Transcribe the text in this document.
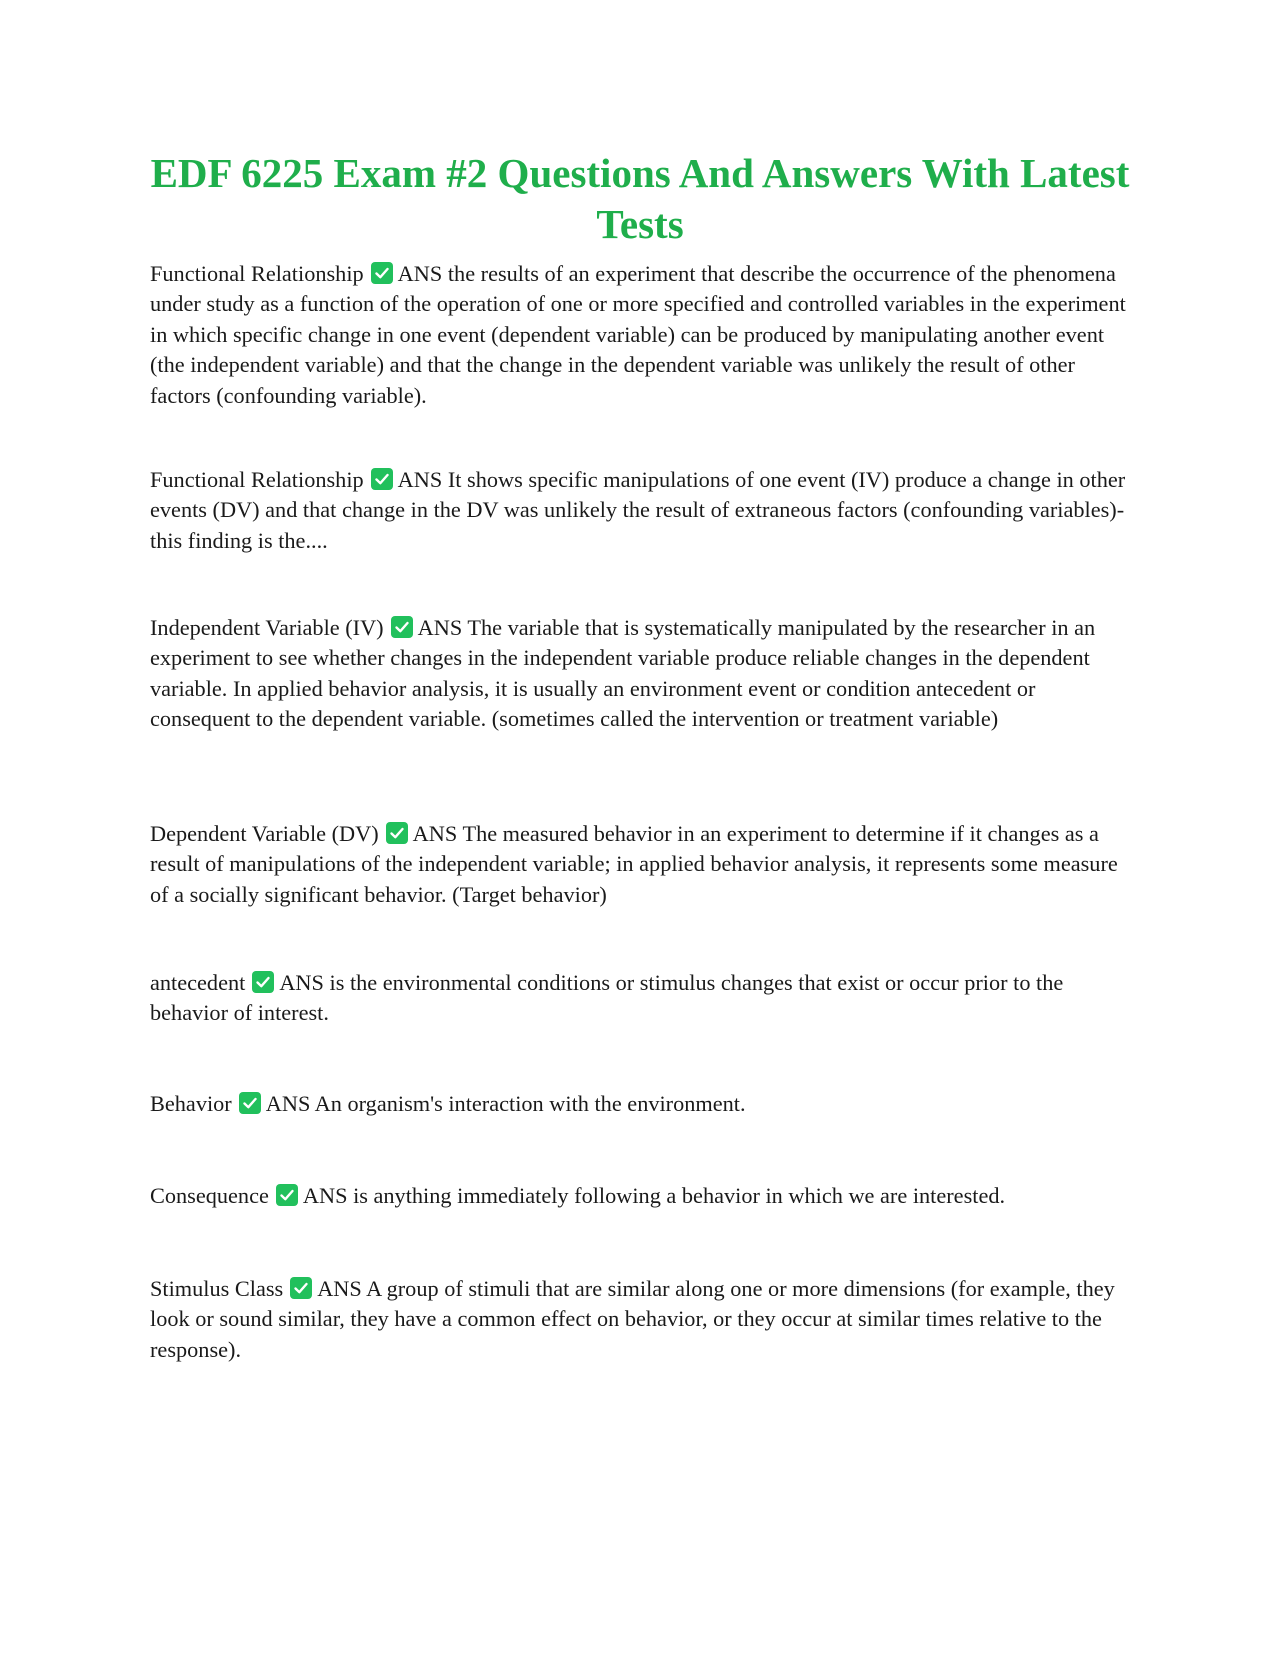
EDF 6225 Exam #2 Questions And Answers With Latest Tests

Functional Relationship ANS the results of an experiment that describe the occurrence of the phenomena under study as a function of the operation of one or more specified and controlled variables in the experiment in which specific change in one event (dependent variable) can be produced by manipulating another event (the independent variable) and that the change in the dependent variable was unlikely the result of other factors (confounding variable).

Functional Relationship ANS It shows specific manipulations of one event (IV) produce a change in other events (DV) and that change in the DV was unlikely the result of extraneous factors (confounding variables)- this finding is the....

Independent Variable (IV) ANS The variable that is systematically manipulated by the researcher in an experiment to see whether changes in the independent variable produce reliable changes in the dependent variable. In applied behavior analysis, it is usually an environment event or condition antecedent or consequent to the dependent variable. (sometimes called the intervention or treatment variable)

Dependent Variable (DV) ANS The measured behavior in an experiment to determine if it changes as a result of manipulations of the independent variable; in applied behavior analysis, it represents some measure of a socially significant behavior. (Target behavior)

antecedent ANS is the environmental conditions or stimulus changes that exist or occur prior to the behavior of interest.

Behavior ANS An organism's interaction with the environment.

Consequence ANS is anything immediately following a behavior in which we are interested.

Stimulus Class ANS A group of stimuli that are similar along one or more dimensions (for example, they look or sound similar, they have a common effect on behavior, or they occur at similar times relative to the response).
